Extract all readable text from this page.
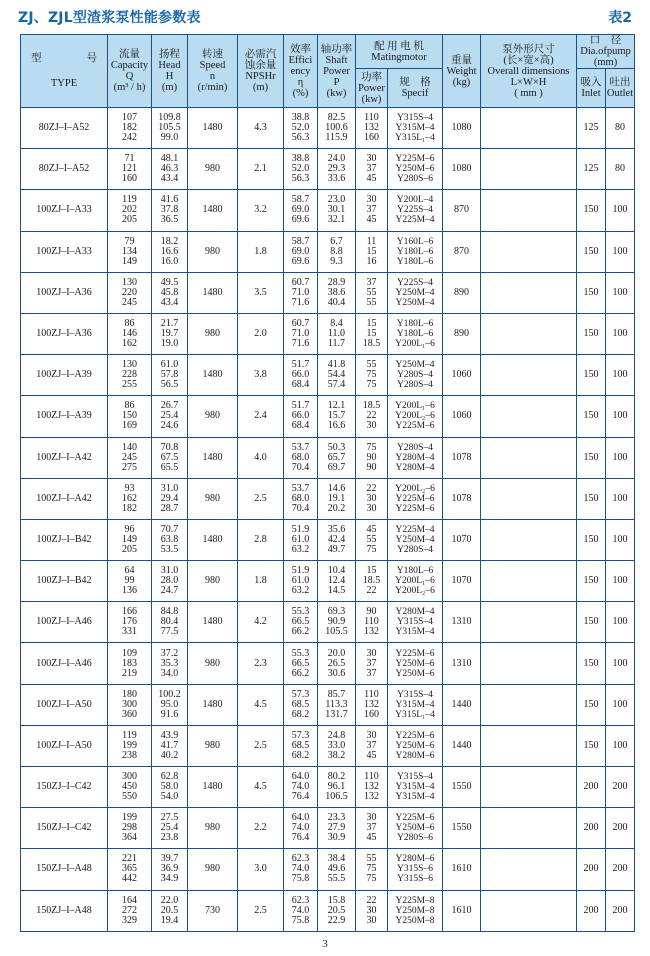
ZJ、ZJL型渣浆泵性能参数表	表2
型 号
TYPE	流量
Capacity
Q
(m³ / h)	扬程
Head
H
(m)	转速
Speed
n
(r/min)	必需汽
蚀余量
NPSHr
(m)	效率
Effici
ency
η
(%)	轴功率
Shaft
Power
P
(kw)	配 用 电 机
Matingmotor		重量
Weight
(kg)	泵外形尺寸
(长×宽×高)
Overall dimensions
L×W×H
( mm )	口　径
Dia.ofpump
(mm)	

							功率
Power
(kw)	规　格
Specif			吸入
Inlet	吐出
Outlet

80ZJ–I–A52	107
182
242	109.8
105.5
99.0	1480	4.3	38.8
52.0
56.3	82.5
100.6
115.9	110
132
160	Y315S–4
Y315M–4
Y315L₁–4	1080		125	80

80ZJ–I–A52	71
121
160	48.1
46.3
43.4	980	2.1	38.8
52.0
56.3	24.0
29.3
33.6	30
37
45	Y225M–6
Y250M–6
Y280S–6	1080		125	80

100ZJ–I–A33	119
202
205	41.6
37.8
36.5	1480	3.2	58.7
69.0
69.6	23.0
30.1
32.1	30
37
45	Y200L–4
Y225S–4
Y225M–4	870		150	100

100ZJ–I–A33	79
134
149	18.2
16.6
16.0	980	1.8	58.7
69.0
69.6	6.7
8.8
9.3	11
15
16	Y160L–6
Y180L–6
Y180L–6	870		150	100

100ZJ–I–A36	130
220
245	49.5
45.8
43.4	1480	3.5	60.7
71.0
71.6	28.9
38.6
40.4	37
55
55	Y225S–4
Y250M–4
Y250M–4	890		150	100

100ZJ–I–A36	86
146
162	21.7
19.7
19.0	980	2.0	60.7
71.0
71.6	8.4
11.0
11.7	15
15
18.5	Y180L–6
Y180L–6
Y200L₁–6	890		150	100

100ZJ–I–A39	130
228
255	61.0
57.8
56.5	1480	3.8	51.7
66.0
68.4	41.8
54.4
57.4	55
75
75	Y250M–4
Y280S–4
Y280S–4	1060		150	100

100ZJ–I–A39	86
150
169	26.7
25.4
24.6	980	2.4	51.7
66.0
68.4	12.1
15.7
16.6	18.5
22
30	Y200L₁–6
Y200L₂–6
Y225M–6	1060		150	100

100ZJ–I–A42	140
245
275	70.8
67.5
65.5	1480	4.0	53.7
68.0
70.4	50.3
65.7
69.7	75
90
90	Y280S–4
Y280M–4
Y280M–4	1078		150	100

100ZJ–I–A42	93
162
182	31.0
29.4
28.7	980	2.5	53.7
68.0
70.4	14.6
19.1
20.2	22
30
30	Y200L₂–6
Y225M–6
Y225M–6	1078		150	100

100ZJ–I–B42	96
149
205	70.7
63.8
53.5	1480	2.8	51.9
61.0
63.2	35.6
42.4
49.7	45
55
75	Y225M–4
Y250M–4
Y280S–4	1070		150	100

100ZJ–I–B42	64
99
136	31.0
28.0
24.7	980	1.8	51.9
61.0
63.2	10.4
12.4
14.5	15
18.5
22	Y180L–6
Y200L₁–6
Y200L₂–6	1070		150	100

100ZJ–I–A46	166
176
331	84.8
80.4
77.5	1480	4.2	55.3
66.5
66.2	69.3
90.9
105.5	90
110
132	Y280M–4
Y315S–4
Y315M–4	1310		150	100

100ZJ–I–A46	109
183
219	37.2
35.3
34.0	980	2.3	55.3
66.5
66.2	20.0
26.5
30.6	30
37
37	Y225M–6
Y250M–6
Y250M–6	1310		150	100

100ZJ–I–A50	180
300
360	100.2
95.0
91.6	1480	4.5	57.3
68.5
68.2	85.7
113.3
131.7	110
132
160	Y315S–4
Y315M–4
Y315L₁–4	1440		150	100

100ZJ–I–A50	119
199
238	43.9
41.7
40.2	980	2.5	57.3
68.5
68.2	24.8
33.0
38.2	30
37
45	Y225M–6
Y250M–6
Y280M–6	1440		150	100

150ZJ–I–C42	300
450
550	62.8
58.0
54.0	1480	4.5	64.0
74.0
76.4	80.2
96.1
106.5	110
132
132	Y315S–4
Y315M–4
Y315M–4	1550		200	200

150ZJ–I–C42	199
298
364	27.5
25.4
23.8	980	2.2	64.0
74.0
76.4	23.3
27.9
30.9	30
37
45	Y225M–6
Y250M–6
Y280S–6	1550		200	200

150ZJ–I–A48	221
365
442	39.7
36.9
34.9	980	3.0	62.3
74.0
75.8	38.4
49.6
55.5	55
75
75	Y280M–6
Y315S–6
Y315S–6	1610		200	200

150ZJ–I–A48	164
272
329	22.0
20.5
19.4	730	2.5	62.3
74.0
75.8	15.8
20.5
22.9	22
30
30	Y225M–8
Y250M–8
Y250M–8	1610		200	200
3
